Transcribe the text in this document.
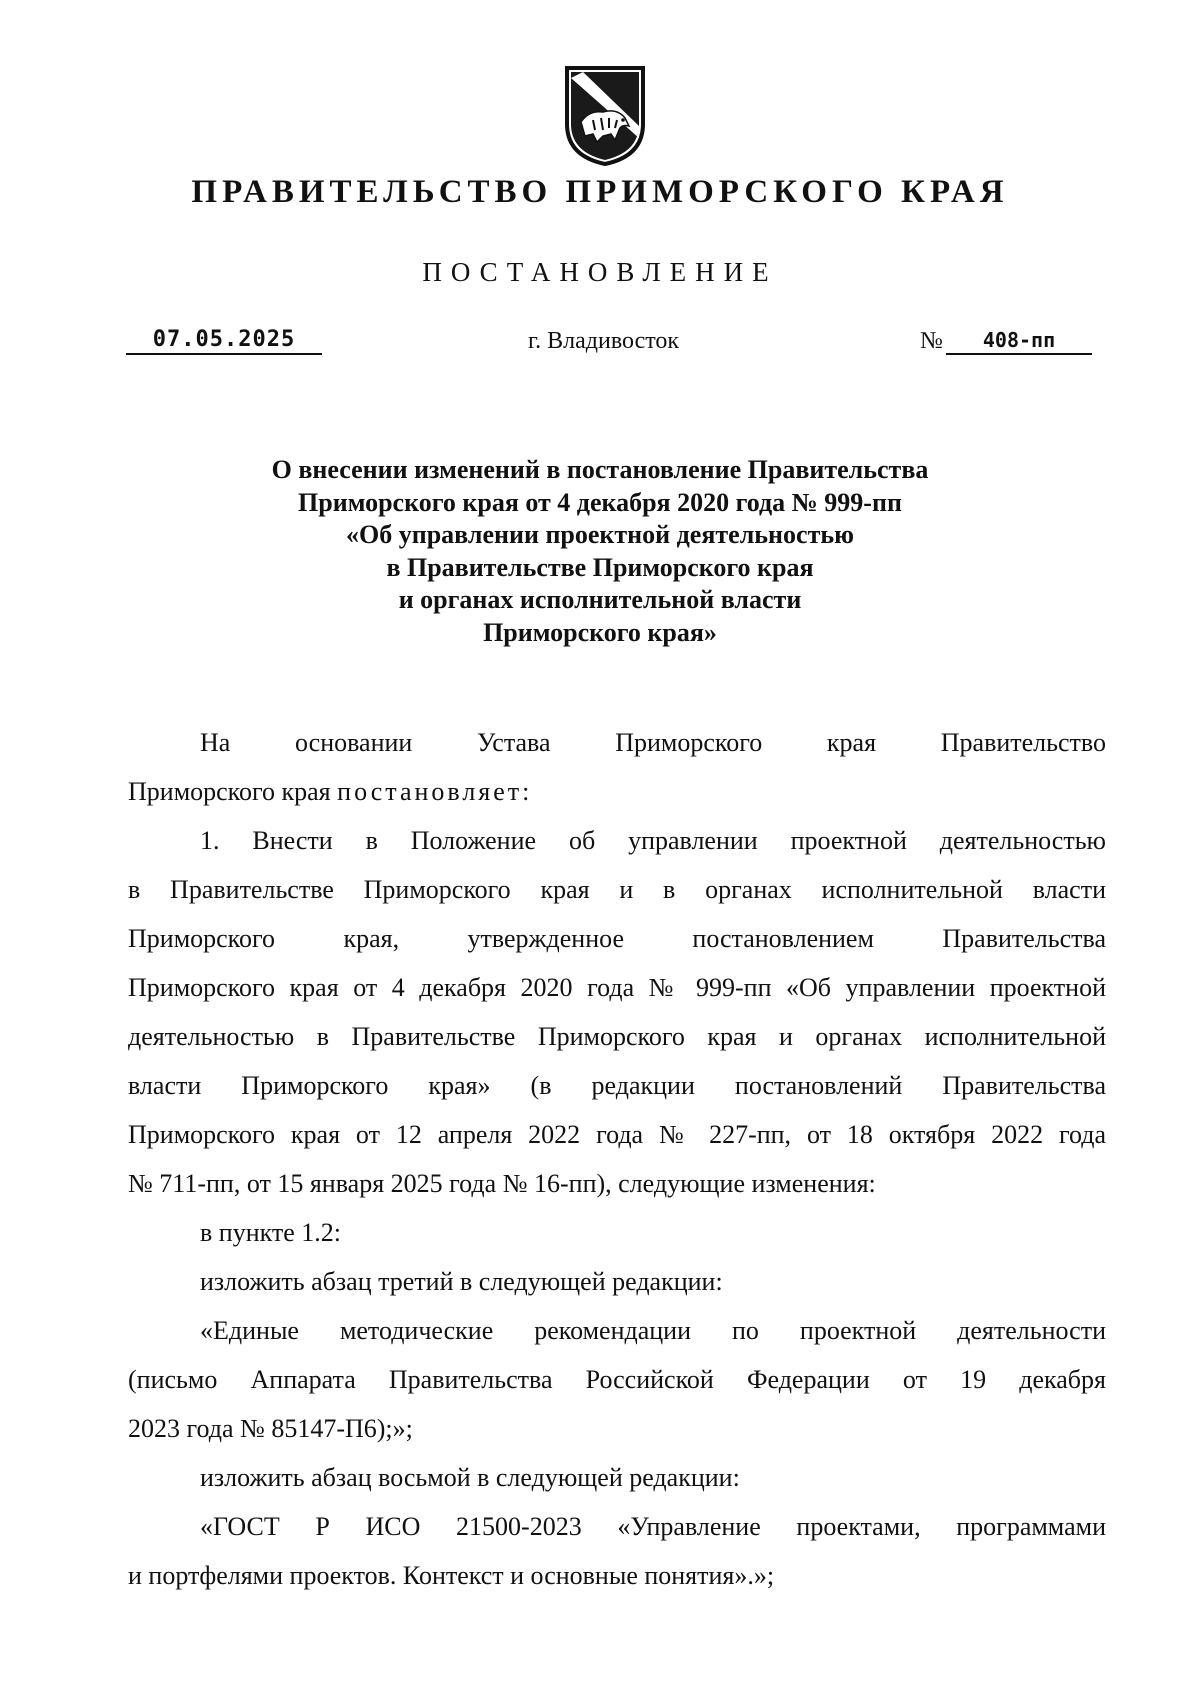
ПРАВИТЕЛЬСТВО ПРИМОРСКОГО КРАЯ
ПОСТАНОВЛЕНИЕ
07.05.2025	г. Владивосток	№	408-пп
О внесении изменений в постановление Правительства
Приморского края от 4 декабря 2020 года № 999-пп
«Об управлении проектной деятельностью
в Правительстве Приморского края
и органах исполнительной власти
Приморского края»
На основании Устава Приморского края Правительство
Приморского края постановляет:
1. Внести в Положение об управлении проектной деятельностью
в Правительстве Приморского края и в органах исполнительной власти
Приморского края, утвержденное постановлением Правительства
Приморского края от 4 декабря 2020 года № 999-пп «Об управлении проектной
деятельностью в Правительстве Приморского края и органах исполнительной
власти Приморского края» (в редакции постановлений Правительства
Приморского края от 12 апреля 2022 года № 227-пп, от 18 октября 2022 года
№ 711-пп, от 15 января 2025 года № 16-пп), следующие изменения:
в пункте 1.2:
изложить абзац третий в следующей редакции:
«Единые методические рекомендации по проектной деятельности
(письмо Аппарата Правительства Российской Федерации от 19 декабря
2023 года № 85147-П6);»;
изложить абзац восьмой в следующей редакции:
«ГОСТ Р ИСО 21500-2023 «Управление проектами, программами
и портфелями проектов. Контекст и основные понятия».»;
